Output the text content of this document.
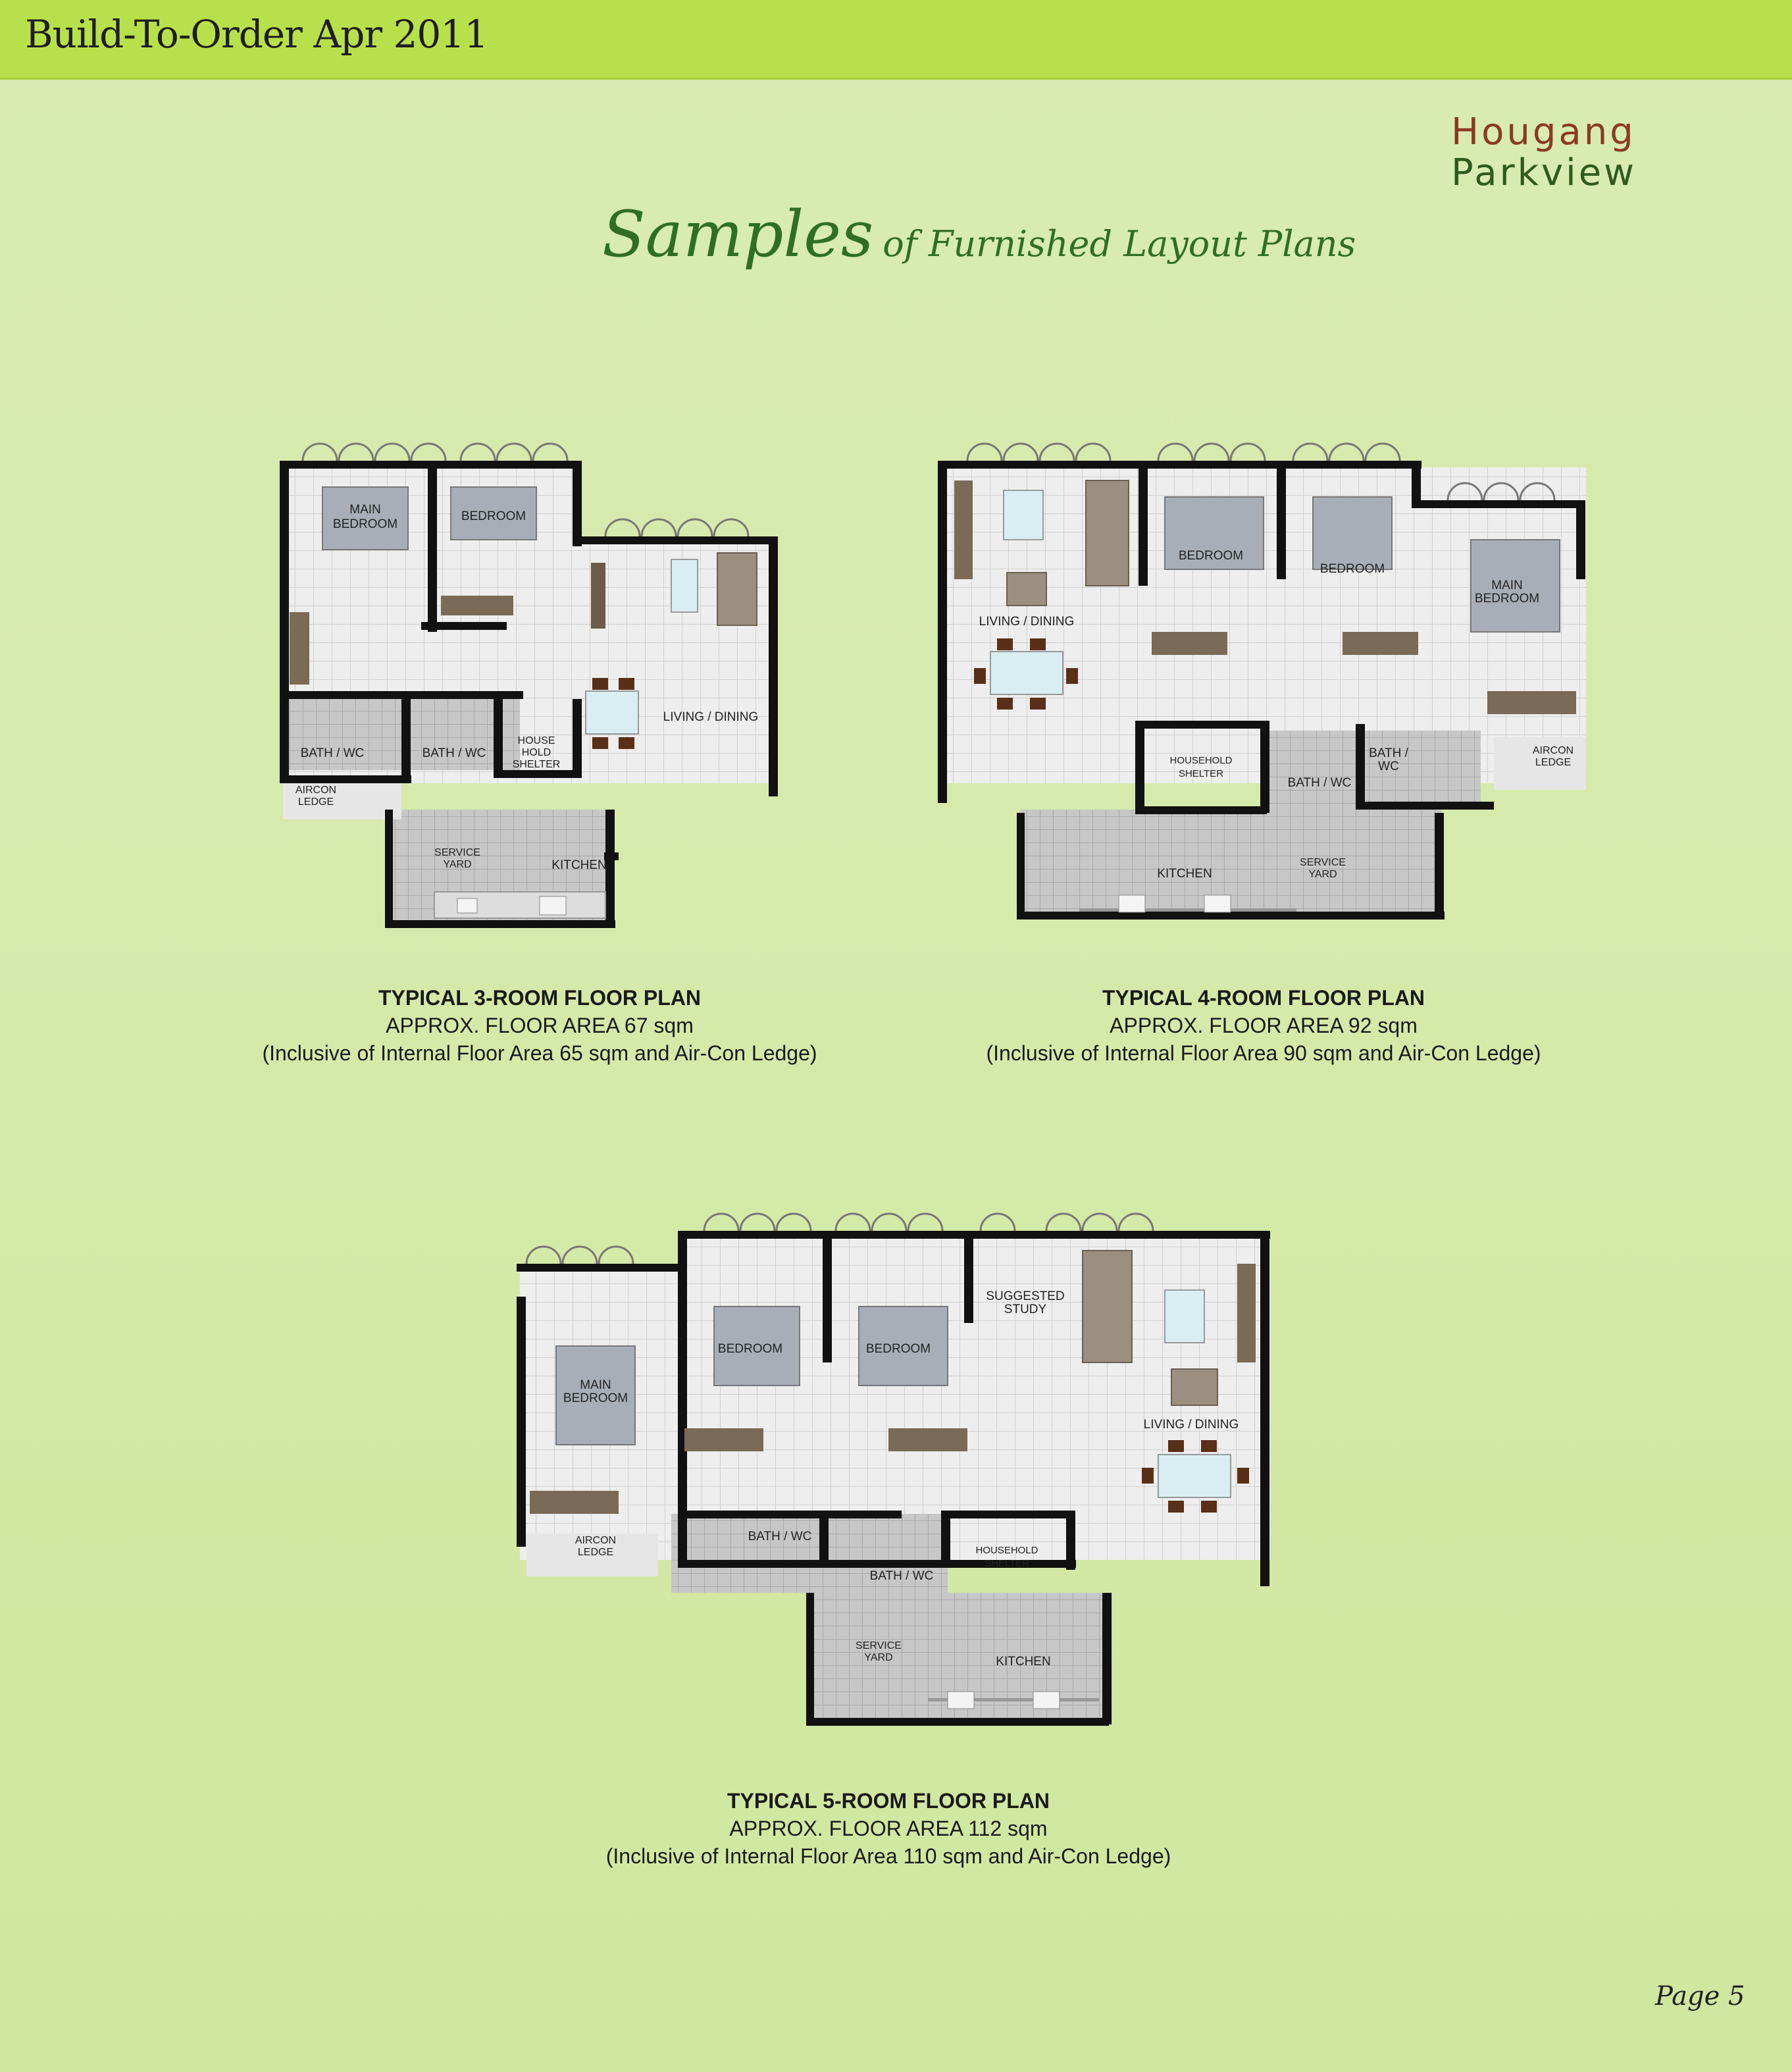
Build-To-Order Apr 2011
Hougang
Parkview
Samples of Furnished Layout Plans
MAIN
BEDROOM
BEDROOM
LIVING / DINING
BATH / WC	BATH / WC
HOUSE
HOLD
SHELTER
AIRCON
LEDGE
SERVICE
YARD	KITCHEN
TYPICAL 3-ROOM FLOOR PLAN
APPROX. FLOOR AREA 67 sqm
(Inclusive of Internal Floor Area 65 sqm and Air-Con Ledge)
LIVING / DINING
BEDROOM
BEDROOM
MAIN
BEDROOM
HOUSEHOLD
SHELTER
BATH / WC
BATH /
WC
AIRCON
LEDGE
KITCHEN
SERVICE
YARD
TYPICAL 4-ROOM FLOOR PLAN
APPROX. FLOOR AREA 92 sqm
(Inclusive of Internal Floor Area 90 sqm and Air-Con Ledge)
MAIN
BEDROOM
BEDROOM	BEDROOM
SUGGESTED
STUDY
LIVING / DINING
AIRCON
LEDGE
BATH / WC
BATH / WC
HOUSEHOLD
SHELTER
SERVICE
YARD	KITCHEN
TYPICAL 5-ROOM FLOOR PLAN
APPROX. FLOOR AREA 112 sqm
(Inclusive of Internal Floor Area 110 sqm and Air-Con Ledge)
Page 5
